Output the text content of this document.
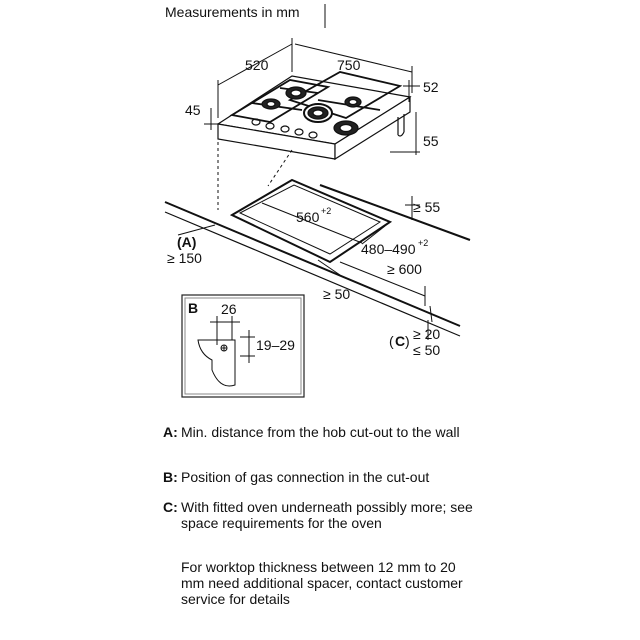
Measurements in mm
520	750
45
52
55
560 +2
480–490 +2
≥ 55
≥ 600
≥ 50
≥ 150
≥ 20
≤ 50
(A)
( C )
B 26
19–29
A: Min. distance from the hob cut-out to the wall
B: Position of gas connection in the cut-out
C: With fitted oven underneath possibly more; see space requirements for the oven
For worktop thickness between 12 mm to 20 mm need additional spacer, contact customer service for details
